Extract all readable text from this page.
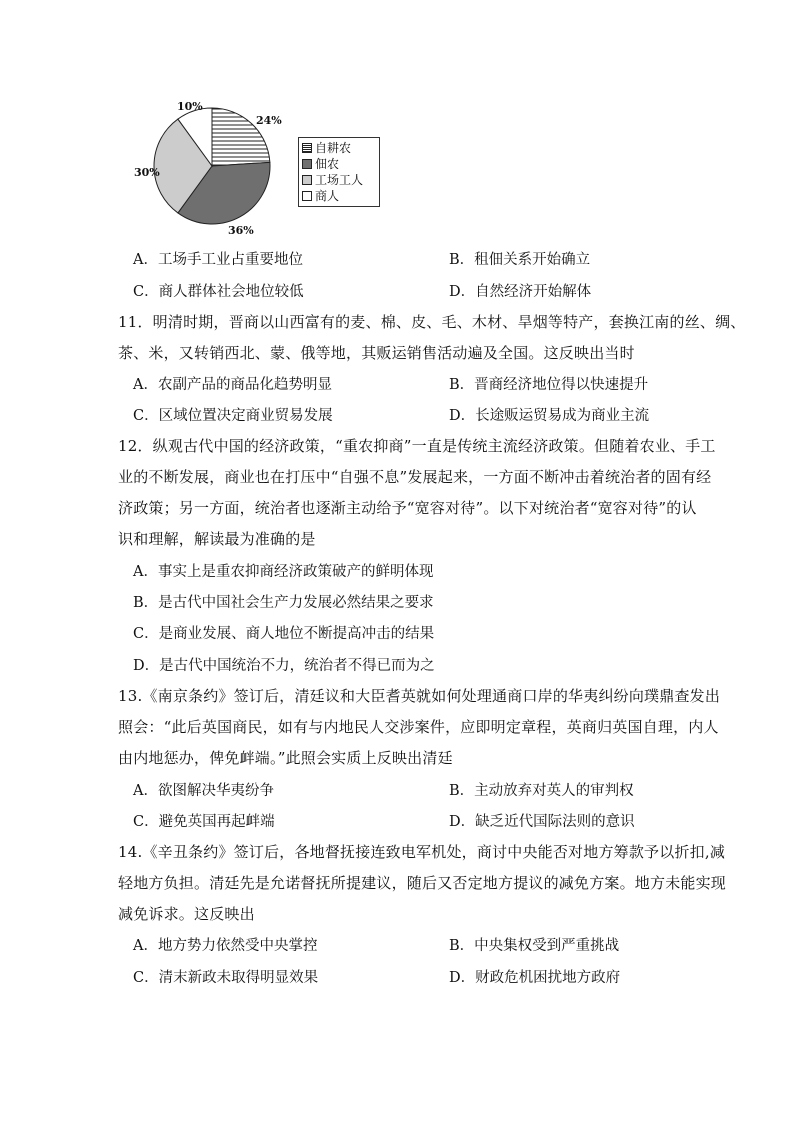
24%
36%
30%
10%
自耕农
佃农
工场工人
商人
A．工场手工业占重要地位	B．租佃关系开始确立
C．商人群体社会地位较低	D．自然经济开始解体
11．明清时期，晋商以山西富有的麦、棉、皮、毛、木材、旱烟等特产，套换江南的丝、绸、
茶、米，又转销西北、蒙、俄等地，其贩运销售活动遍及全国。这反映出当时
A．农副产品的商品化趋势明显	B．晋商经济地位得以快速提升
C．区域位置决定商业贸易发展	D．长途贩运贸易成为商业主流
12．纵观古代中国的经济政策，“重农抑商”一直是传统主流经济政策。但随着农业、手工
业的不断发展，商业也在打压中“自强不息”发展起来，一方面不断冲击着统治者的固有经
济政策；另一方面，统治者也逐渐主动给予“宽容对待”。以下对统治者“宽容对待”的认
识和理解，解读最为准确的是
A．事实上是重农抑商经济政策破产的鲜明体现
B．是古代中国社会生产力发展必然结果之要求
C．是商业发展、商人地位不断提高冲击的结果
D．是古代中国统治不力，统治者不得已而为之
13.《南京条约》签订后，清廷议和大臣耆英就如何处理通商口岸的华夷纠纷向璞鼎查发出
照会：“此后英国商民，如有与内地民人交涉案件，应即明定章程，英商归英国自理，内人
由内地惩办，俾免衅端。”此照会实质上反映出清廷
A．欲图解决华夷纷争	B．主动放弃对英人的审判权
C．避免英国再起衅端	D．缺乏近代国际法则的意识
14.《辛丑条约》签订后，各地督抚接连致电军机处，商讨中央能否对地方筹款予以折扣,减
轻地方负担。清廷先是允诺督抚所提建议，随后又否定地方提议的减免方案。地方未能实现
减免诉求。这反映出
A．地方势力依然受中央掌控	B．中央集权受到严重挑战
C．清末新政未取得明显效果	D．财政危机困扰地方政府
